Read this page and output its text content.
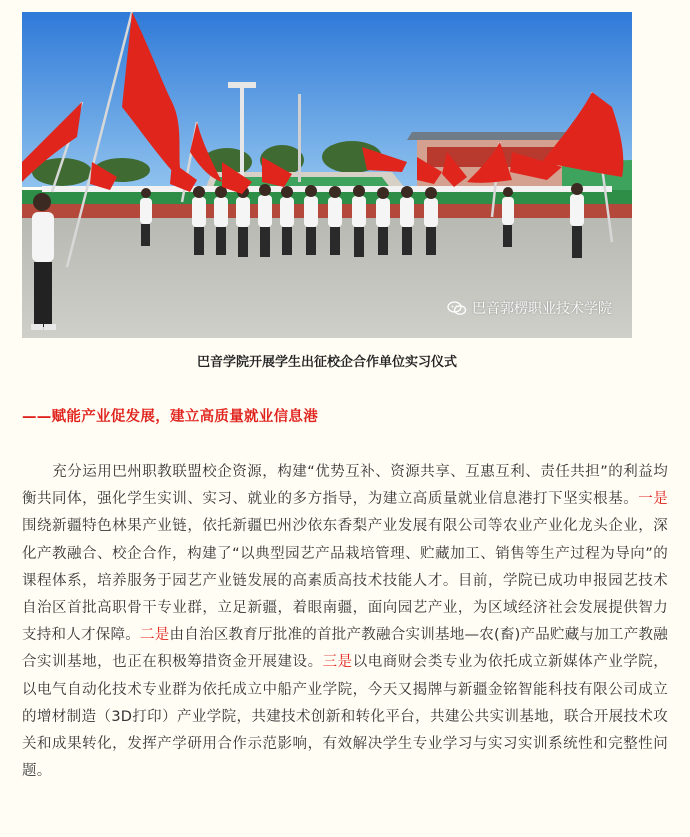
巴音郭楞职业技术学院
巴音学院开展学生出征校企合作单位实习仪式
——赋能产业促发展，建立高质量就业信息港
充分运用巴州职教联盟校企资源，构建“优势互补、资源共享、互惠互利、责任共担”的利益均衡共同体，强化学生实训、实习、就业的多方指导，为建立高质量就业信息港打下坚实根基。一是围绕新疆特色林果产业链，依托新疆巴州沙依东香梨产业发展有限公司等农业产业化龙头企业，深化产教融合、校企合作，构建了“以典型园艺产品栽培管理、贮藏加工、销售等生产过程为导向”的课程体系，培养服务于园艺产业链发展的高素质高技术技能人才。目前，学院已成功申报园艺技术自治区首批高职骨干专业群，立足新疆，着眼南疆，面向园艺产业，为区域经济社会发展提供智力支持和人才保障。二是由自治区教育厅批准的首批产教融合实训基地—农(畜)产品贮藏与加工产教融合实训基地，也正在积极筹措资金开展建设。三是以电商财会类专业为依托成立新媒体产业学院，以电气自动化技术专业群为依托成立中船产业学院，今天又揭牌与新疆金铭智能科技有限公司成立的增材制造（3D打印）产业学院，共建技术创新和转化平台，共建公共实训基地，联合开展技术攻关和成果转化，发挥产学研用合作示范影响，有效解决学生专业学习与实习实训系统性和完整性问题。
